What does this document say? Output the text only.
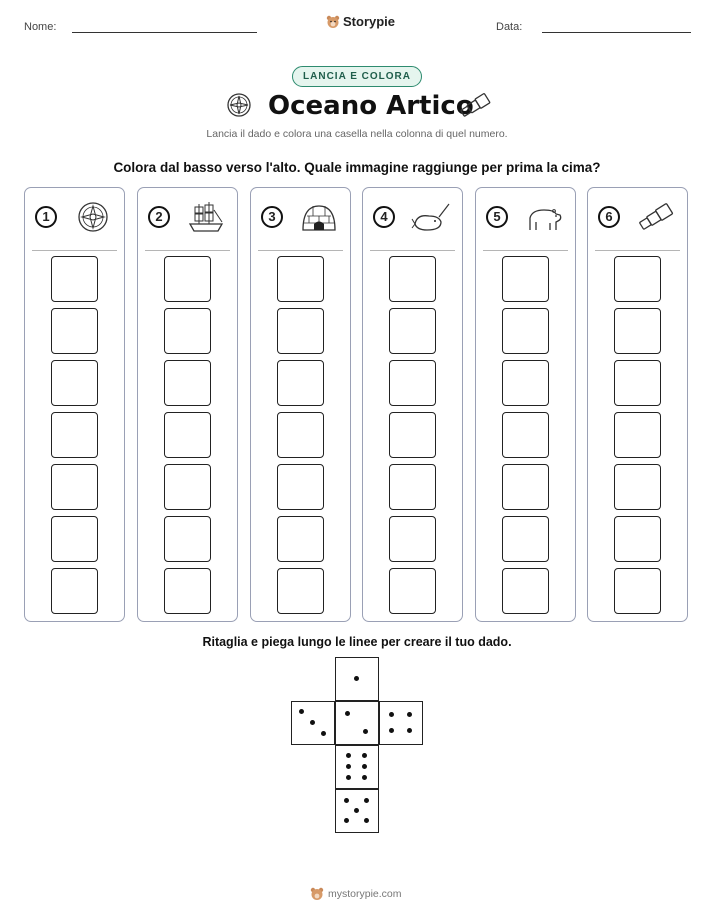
Nome:	Storypie	Data:
LANCIA E COLORA
Oceano Artico
Lancia il dado e colora una casella nella colonna di quel numero.
Colora dal basso verso l'alto. Quale immagine raggiunge per prima la cima?
1	2	3	4	5	6
Ritaglia e piega lungo le linee per creare il tuo dado.
mystorypie.com
